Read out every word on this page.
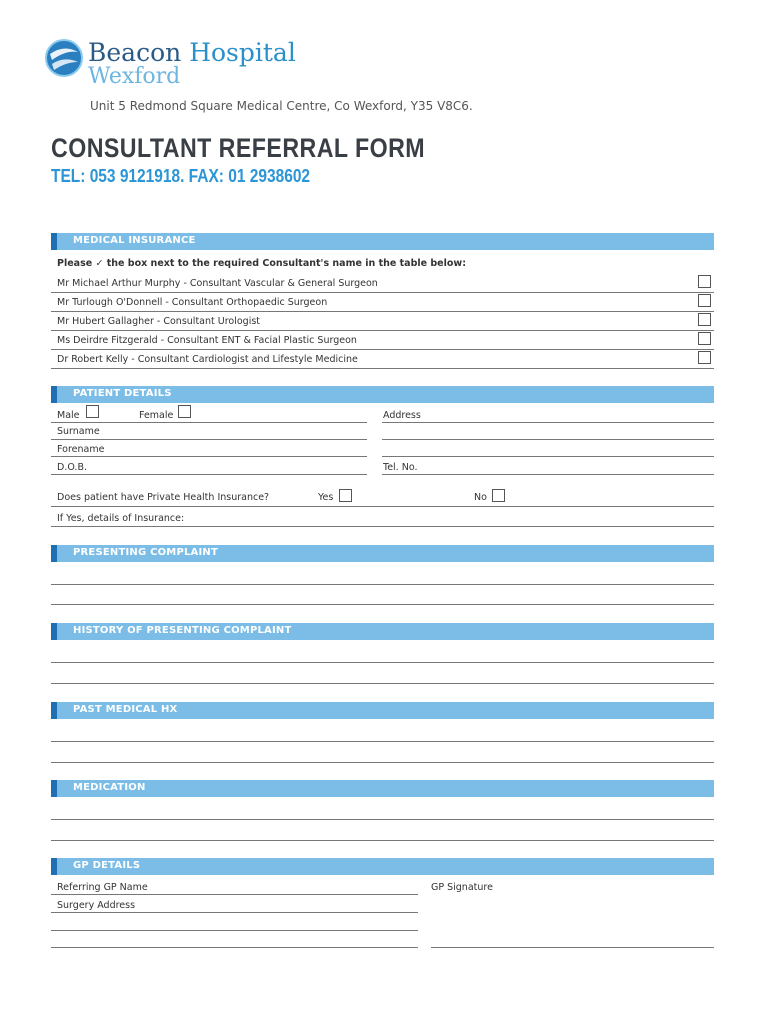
Beacon Hospital
Wexford
Unit 5 Redmond Square Medical Centre, Co Wexford, Y35 V8C6.
CONSULTANT REFERRAL FORM
TEL: 053 9121918. FAX: 01 2938602
MEDICAL INSURANCE
Please ✓ the box next to the required Consultant's name in the table below:
Mr Michael Arthur Murphy - Consultant Vascular & General Surgeon
Mr Turlough O'Donnell - Consultant Orthopaedic Surgeon
Mr Hubert Gallagher - Consultant Urologist
Ms Deirdre Fitzgerald - Consultant ENT & Facial Plastic Surgeon
Dr Robert Kelly - Consultant Cardiologist and Lifestyle Medicine
PATIENT DETAILS
Male	Female	Address
Surname
Forename
D.O.B.	Tel. No.
Does patient have Private Health Insurance?	Yes	No
If Yes, details of Insurance:
PRESENTING COMPLAINT
HISTORY OF PRESENTING COMPLAINT
PAST MEDICAL HX
MEDICATION
GP DETAILS
Referring GP Name	GP Signature
Surgery Address
